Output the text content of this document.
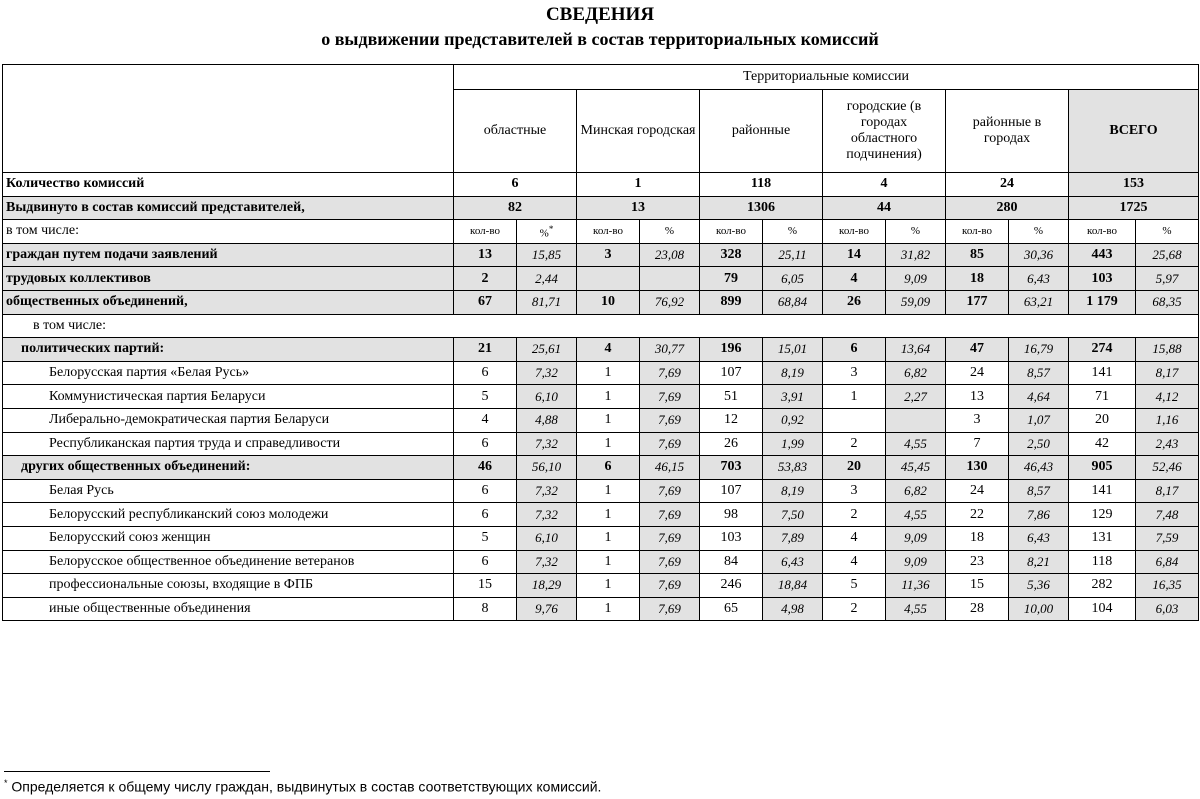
СВЕДЕНИЯ
о выдвижении представителей в состав территориальных комиссий
	Территориальные комиссии											
	областные		Минская городская		районные		городские (в городах областного подчинения)		районные в городах		ВСЕГО	
Количество комиссий	6		1		118		4		24		153	
Выдвинуто в состав комиссий представителей,	82		13		1306		44		280		1725	
в том числе:	кол-во	%*	кол-во	%	кол-во	%	кол-во	%	кол-во	%	кол-во	%
граждан путем подачи заявлений	13	15,85	3	23,08	328	25,11	14	31,82	85	30,36	443	25,68
трудовых коллективов	2	2,44			79	6,05	4	9,09	18	6,43	103	5,97
общественных объединений,	67	81,71	10	76,92	899	68,84	26	59,09	177	63,21	1 179	68,35
в том числе:												
политических партий:	21	25,61	4	30,77	196	15,01	6	13,64	47	16,79	274	15,88
Белорусская партия «Белая Русь»	6	7,32	1	7,69	107	8,19	3	6,82	24	8,57	141	8,17
Коммунистическая партия Беларуси	5	6,10	1	7,69	51	3,91	1	2,27	13	4,64	71	4,12
Либерально-демократическая партия Беларуси	4	4,88	1	7,69	12	0,92			3	1,07	20	1,16
Республиканская партия труда и справедливости	6	7,32	1	7,69	26	1,99	2	4,55	7	2,50	42	2,43
других общественных объединений:	46	56,10	6	46,15	703	53,83	20	45,45	130	46,43	905	52,46
Белая Русь	6	7,32	1	7,69	107	8,19	3	6,82	24	8,57	141	8,17
Белорусский республиканский союз молодежи	6	7,32	1	7,69	98	7,50	2	4,55	22	7,86	129	7,48
Белорусский союз женщин	5	6,10	1	7,69	103	7,89	4	9,09	18	6,43	131	7,59
Белорусское общественное объединение ветеранов	6	7,32	1	7,69	84	6,43	4	9,09	23	8,21	118	6,84
профессиональные союзы, входящие в ФПБ	15	18,29	1	7,69	246	18,84	5	11,36	15	5,36	282	16,35
иные общественные объединения	8	9,76	1	7,69	65	4,98	2	4,55	28	10,00	104	6,03
* Определяется к общему числу граждан, выдвинутых в состав соответствующих комиссий.
